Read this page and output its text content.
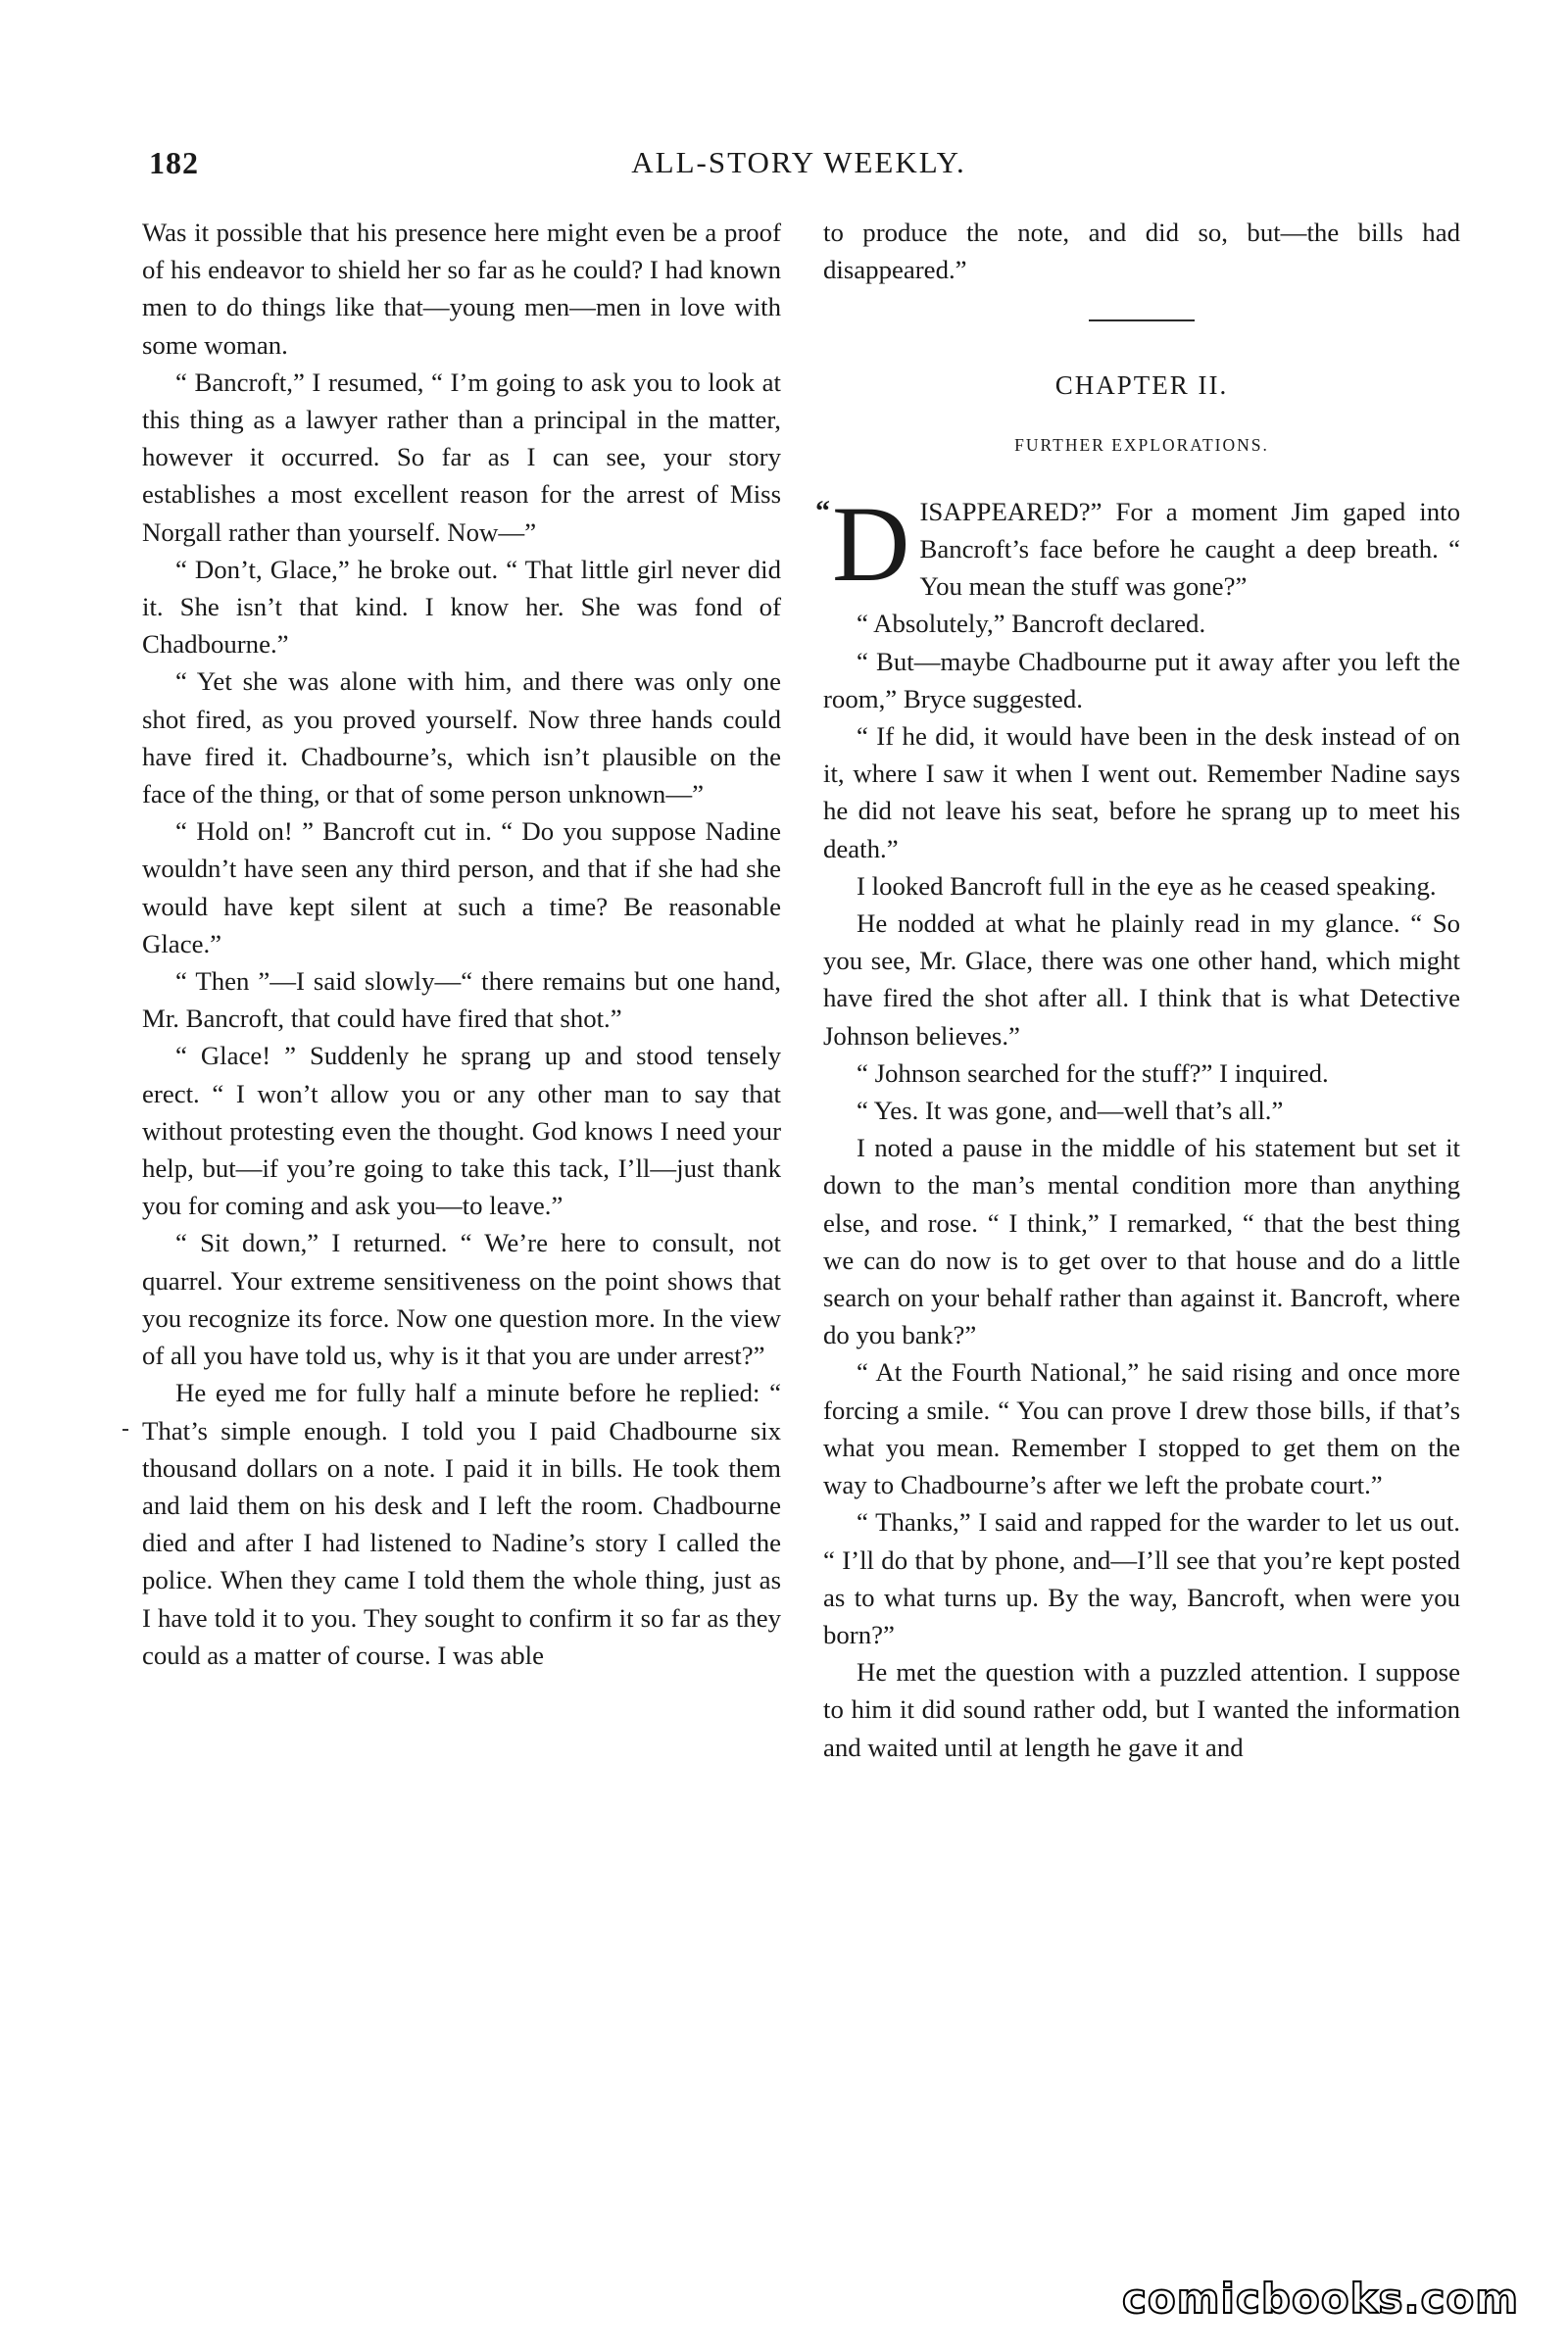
182	ALL-STORY WEEKLY.

Was it possible that his presence here might even be a proof of his endeavor to shield her so far as he could? I had known men to do things like that—young men—men in love with some woman.

“ Bancroft,” I resumed, “ I’m going to ask you to look at this thing as a lawyer rather than a principal in the matter, however it occurred. So far as I can see, your story establishes a most excellent reason for the arrest of Miss Norgall rather than yourself. Now—”

“ Don’t, Glace,” he broke out. “ That little girl never did it. She isn’t that kind. I know her. She was fond of Chadbourne.”

“ Yet she was alone with him, and there was only one shot fired, as you proved yourself. Now three hands could have fired it. Chadbourne’s, which isn’t plausible on the face of the thing, or that of some person unknown—”

“ Hold on! ” Bancroft cut in. “ Do you suppose Nadine wouldn’t have seen any third person, and that if she had she would have kept silent at such a time? Be reasonable Glace.”

“ Then ”—I said slowly—“ there remains but one hand, Mr. Bancroft, that could have fired that shot.”

“ Glace! ” Suddenly he sprang up and stood tensely erect. “ I won’t allow you or any other man to say that without protesting even the thought. God knows I need your help, but—if you’re going to take this tack, I’ll—just thank you for coming and ask you—to leave.”

“ Sit down,” I returned. “ We’re here to consult, not quarrel. Your extreme sensitiveness on the point shows that you recognize its force. Now one question more. In the view of all you have told us, why is it that you are under arrest?”

He eyed me for fully half a minute before he replied: “ That’s simple enough. I told you I paid Chadbourne six thousand dollars on a note. I paid it in bills. He took them and laid them on his desk and I left the room. Chadbourne died and after I had listened to Nadine’s story I called the police. When they came I told them the whole thing, just as I have told it to you. They sought to confirm it so far as they could as a matter of course. I was able

to produce the note, and did so, but—the bills had disappeared.”

CHAPTER II.
FURTHER EXPLORATIONS.

“ D ISAPPEARED?” For a moment Jim gaped into Bancroft’s face before he caught a deep breath. “ You mean the stuff was gone?”

“ Absolutely,” Bancroft declared.

“ But—maybe Chadbourne put it away after you left the room,” Bryce suggested.

“ If he did, it would have been in the desk instead of on it, where I saw it when I went out. Remember Nadine says he did not leave his seat, before he sprang up to meet his death.”

I looked Bancroft full in the eye as he ceased speaking.

He nodded at what he plainly read in my glance. “ So you see, Mr. Glace, there was one other hand, which might have fired the shot after all. I think that is what Detective Johnson believes.”

“ Johnson searched for the stuff?” I inquired.

“ Yes. It was gone, and—well that’s all.”

I noted a pause in the middle of his statement but set it down to the man’s mental condition more than anything else, and rose. “ I think,” I remarked, “ that the best thing we can do now is to get over to that house and do a little search on your behalf rather than against it. Bancroft, where do you bank?”

“ At the Fourth National,” he said rising and once more forcing a smile. “ You can prove I drew those bills, if that’s what you mean. Remember I stopped to get them on the way to Chadbourne’s after we left the probate court.”

“ Thanks,” I said and rapped for the warder to let us out. “ I’ll do that by phone, and—I’ll see that you’re kept posted as to what turns up. By the way, Bancroft, when were you born?”

He met the question with a puzzled attention. I suppose to him it did sound rather odd, but I wanted the information and waited until at length he gave it and

comicbooks.com
